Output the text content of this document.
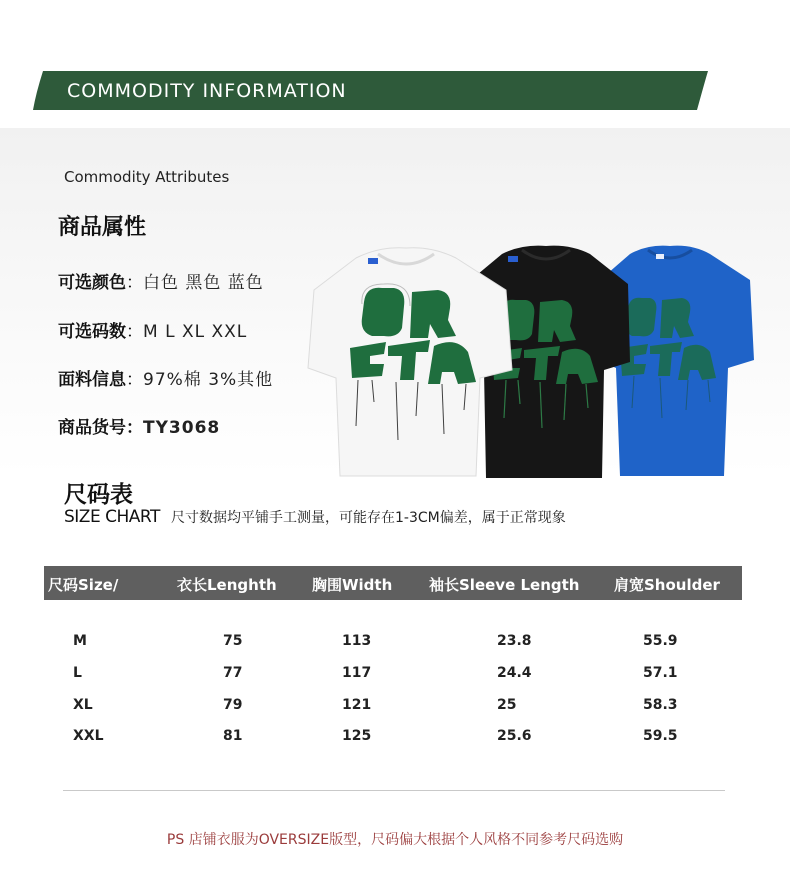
COMMODITY INFORMATION
Commodity Attributes
商品属性
可选颜色：白色 黑色 蓝色
可选码数：M L XL XXL
面料信息：97%棉 3%其他
商品货号：TY3068
尺码表
SIZE CHART 尺寸数据均平铺手工测量，可能存在1-3CM偏差，属于正常现象
尺码Size/	衣长Lenghth 胸围Width 袖长Sleeve Length 肩宽Shoulder
M	75	113	23.8	55.9
L	77	117	24.4	57.1
XL	79	121	25	58.3
XXL	81	125	25.6	59.5
PS 店铺衣服为OVERSIZE版型，尺码偏大根据个人风格不同参考尺码选购
